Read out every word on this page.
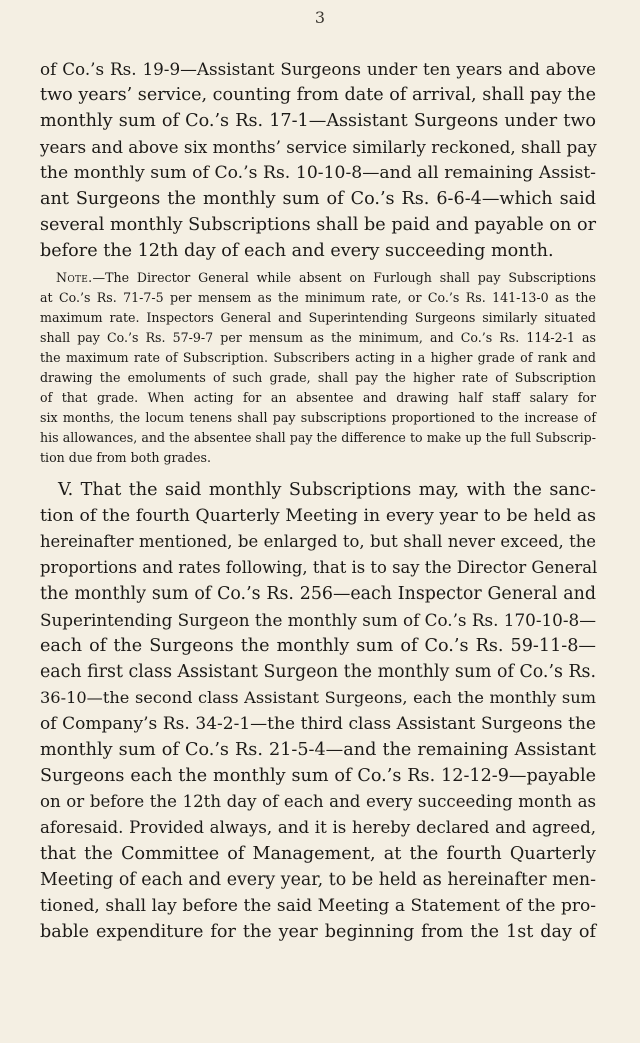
3
of Co.’s Rs. 19-9—Assistant Surgeons under ten years and above
two years’ service, counting from date of arrival, shall pay the
monthly sum of Co.’s Rs. 17-1—Assistant Surgeons under two
years and above six months’ service similarly reckoned, shall pay
the monthly sum of Co.’s Rs. 10-10-8—and all remaining Assist-
ant Surgeons the monthly sum of Co.’s Rs. 6-6-4—which said
several monthly Subscriptions shall be paid and payable on or
before the 12th day of each and every succeeding month.
Note.—The Director General while absent on Furlough shall pay Subscriptions
at Co.’s Rs. 71-7-5 per mensem as the minimum rate, or Co.’s Rs. 141-13-0 as the
maximum rate. Inspectors General and Superintending Surgeons similarly situated
shall pay Co.’s Rs. 57-9-7 per mensum as the minimum, and Co.’s Rs. 114-2-1 as
the maximum rate of Subscription. Subscribers acting in a higher grade of rank and
drawing the emoluments of such grade, shall pay the higher rate of Subscription
of that grade. When acting for an absentee and drawing half staff salary for
six months, the locum tenens shall pay subscriptions proportioned to the increase of
his allowances, and the absentee shall pay the difference to make up the full Subscrip-
tion due from both grades.
V. That the said monthly Subscriptions may, with the sanc-
tion of the fourth Quarterly Meeting in every year to be held as
hereinafter mentioned, be enlarged to, but shall never exceed, the
proportions and rates following, that is to say the Director General
the monthly sum of Co.’s Rs. 256—each Inspector General and
Superintending Surgeon the monthly sum of Co.’s Rs. 170-10-8—
each of the Surgeons the monthly sum of Co.’s Rs. 59-11-8—
each first class Assistant Surgeon the monthly sum of Co.’s Rs.
36-10—the second class Assistant Surgeons, each the monthly sum
of Company’s Rs. 34-2-1—the third class Assistant Surgeons the
monthly sum of Co.’s Rs. 21-5-4—and the remaining Assistant
Surgeons each the monthly sum of Co.’s Rs. 12-12-9—payable
on or before the 12th day of each and every succeeding month as
aforesaid. Provided always, and it is hereby declared and agreed,
that the Committee of Management, at the fourth Quarterly
Meeting of each and every year, to be held as hereinafter men-
tioned, shall lay before the said Meeting a Statement of the pro-
bable expenditure for the year beginning from the 1st day of
